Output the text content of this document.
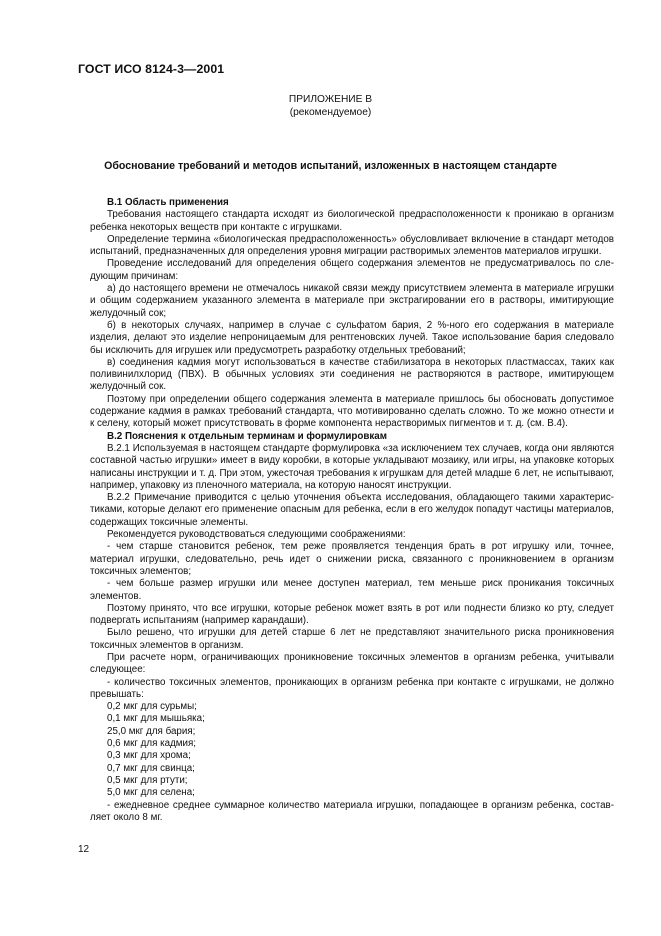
ГОСТ ИСО 8124-3—2001
ПРИЛОЖЕНИЕ В
(рекомендуемое)
Обоснование требований и методов испытаний, изложенных в настоящем стандарте

В.1 Область применения

Требования настоящего стандарта исходят из биологической предрасположенности к проникаю в организм ребенка некоторых веществ при контакте с игрушками.

Определение термина «биологическая предрасположенность» обусловливает включение в стандарт методов испытаний, предназначенных для определения уровня миграции растворимых элементов материалов игрушки.

Проведение исследований для определения общего содержания элементов не предусматривалось по следующим причинам:

а) до настоящего времени не отмечалось никакой связи между присутствием элемента в материале игрушки и общим содержанием указанного элемента в материале при экстрагировании его в растворы, имитирующие желудочный сок;

б) в некоторых случаях, например в случае с сульфатом бария, 2 %-ного его содержания в материале изделия, делают это изделие непроницаемым для рентгеновских лучей. Такое использование бария следовало бы исключить для игрушек или предусмотреть разработку отдельных требований;

в) соединения кадмия могут использоваться в качестве стабилизатора в некоторых пластмассах, таких как поливинилхлорид (ПВХ). В обычных условиях эти соединения не растворяются в растворе, имитирующем желудочный сок.

Поэтому при определении общего содержания элемента в материале пришлось бы обосновать допустимое содержание кадмия в рамках требований стандарта, что мотивированно сделать сложно. То же можно отнести и к селену, который может присутствовать в форме компонента нерастворимых пигментов и т. д. (см. В.4).

В.2 Пояснения к отдельным терминам и формулировкам

В.2.1 Используемая в настоящем стандарте формулировка «за исключением тех случаев, когда они являются составной частью игрушки» имеет в виду коробки, в которые укладывают мозаику, или игры, на упаковке которых написаны инструкции и т. д. При этом, ужесточая требования к игрушкам для детей младше 6 лет, не испытывают, например, упаковку из пленочного материала, на которую наносят инструкции.

В.2.2 Примечание приводится с целью уточнения объекта исследования, обладающего такими характеристиками, которые делают его применение опасным для ребенка, если в его желудок попадут частицы материалов, содержащих токсичные элементы.

Рекомендуется руководствоваться следующими соображениями:

- чем старше становится ребенок, тем реже проявляется тенденция брать в рот игрушку или, точнее, материал игрушки, следовательно, речь идет о снижении риска, связанного с проникновением в организм токсичных элементов;

- чем больше размер игрушки или менее доступен материал, тем меньше риск проникания токсичных элементов.

Поэтому принято, что все игрушки, которые ребенок может взять в рот или поднести близко ко рту, следует подвергать испытаниям (например карандаши).

Было решено, что игрушки для детей старше 6 лет не представляют значительного риска проникновения токсичных элементов в организм.

При расчете норм, ограничивающих проникновение токсичных элементов в организм ребенка, учитывали следующее:

- количество токсичных элементов, проникающих в организм ребенка при контакте с игрушками, не должно превышать:

0,2 мкг для сурьмы;

0,1 мкг для мышьяка;

25,0 мкг для бария;

0,6 мкг для кадмия;

0,3 мкг для хрома;

0,7 мкг для свинца;

0,5 мкг для ртути;

5,0 мкг для селена;

- ежедневное среднее суммарное количество материала игрушки, попадающее в организм ребенка, составляет около 8 мг.

12
